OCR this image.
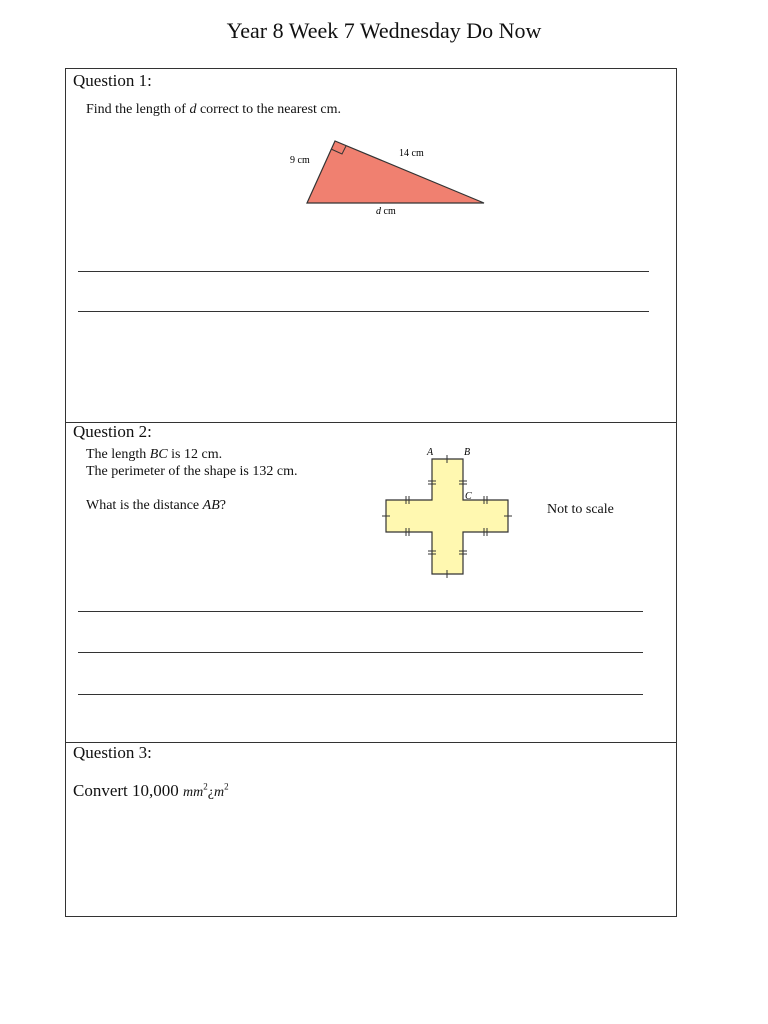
Year 8 Week 7 Wednesday Do Now
Question 1:
Find the length of d correct to the nearest cm.
9 cm
14 cm
d cm
Question 2:
The length BC is 12 cm.
The perimeter of the shape is 132 cm.
What is the distance AB?
A	B
C
Not to scale
Question 3:
Convert 10,000 $mm^2¿m^2$
